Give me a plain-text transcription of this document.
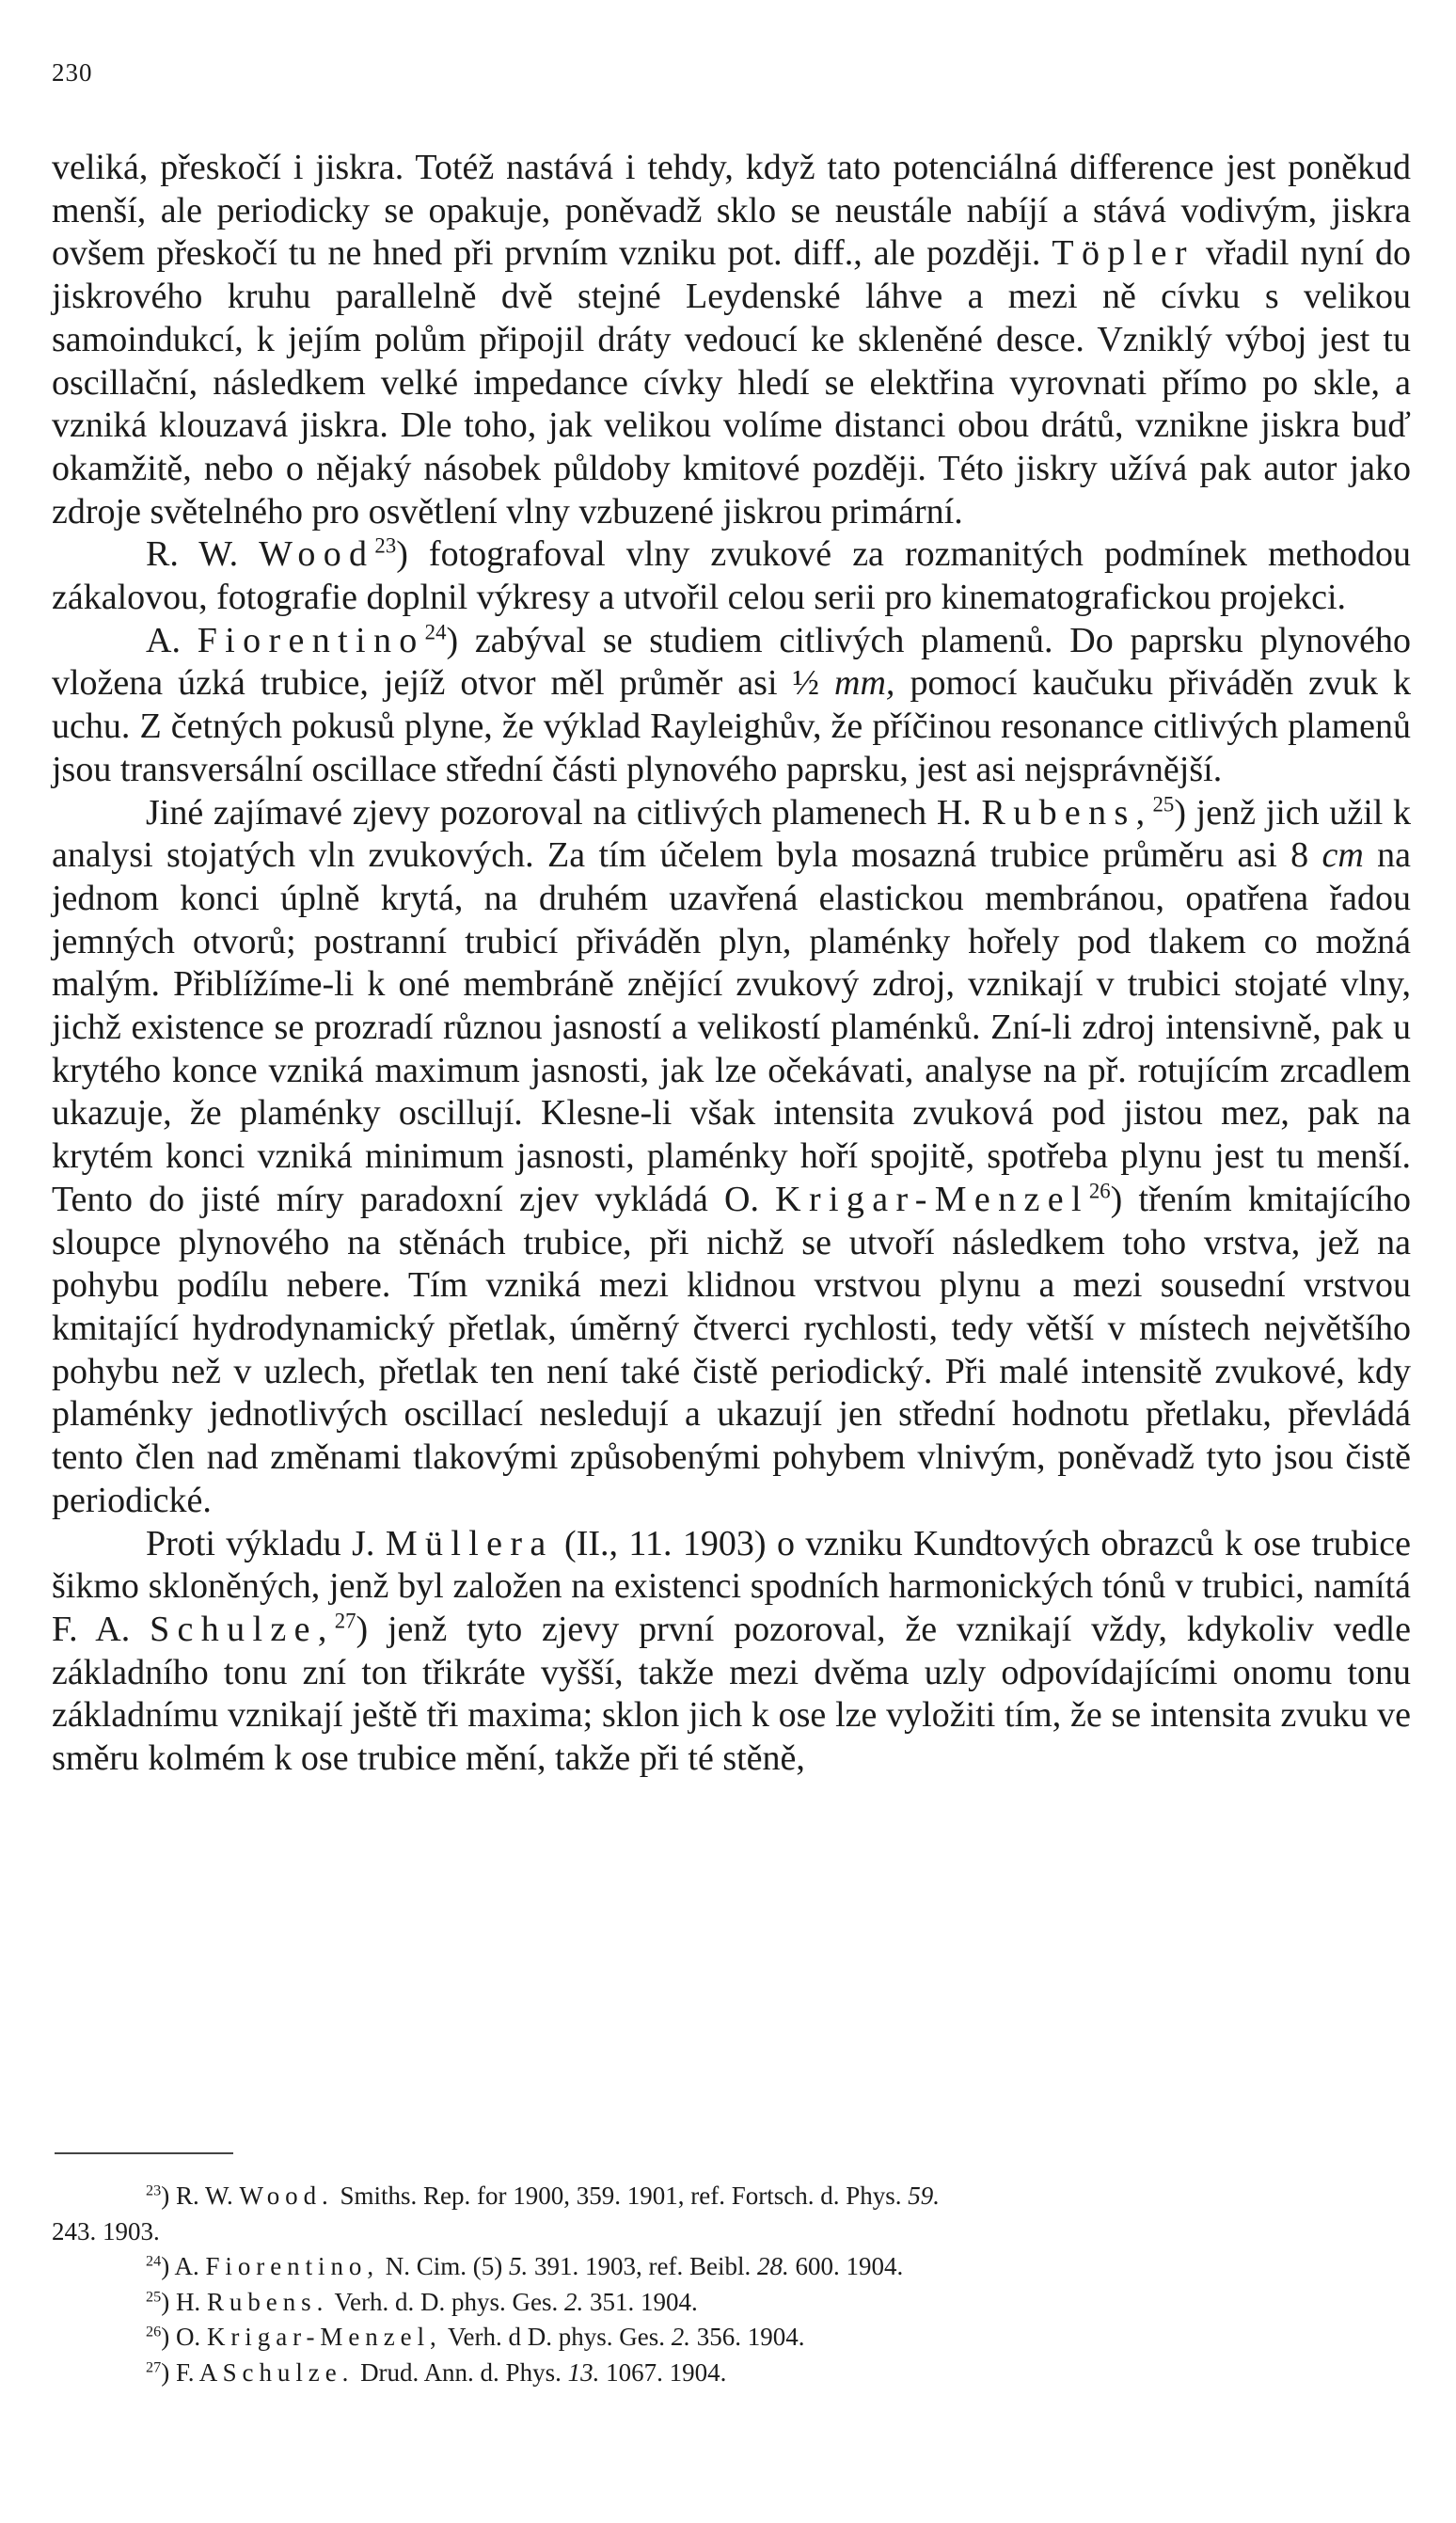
230

veliká, přeskočí i jiskra. Totéž nastává i tehdy, když tato potenciálná difference jest poněkud menší, ale periodicky se opakuje, poněvadž sklo se neustále nabíjí a stává vodivým, jiskra ovšem přeskočí tu ne hned při prvním vzniku pot. diff., ale později. Töpler vřadil nyní do jiskrového kruhu parallelně dvě stejné Leydenské láhve a mezi ně cívku s velikou samoindukcí, k jejím polům připojil dráty vedoucí ke skleněné desce. Vzniklý výboj jest tu oscillační, následkem velké impedance cívky hledí se elektřina vyrovnati přímo po skle, a vzniká klouzavá jiskra. Dle toho, jak velikou volíme distanci obou drátů, vznikne jiskra buď okamžitě, nebo o nějaký násobek půldoby kmitové později. Této jiskry užívá pak autor jako zdroje světelného pro osvětlení vlny vzbuzené jiskrou primární.

R. W. Wood$^{23}$) fotografoval vlny zvukové za rozmanitých podmínek methodou zákalovou, fotografie doplnil výkresy a utvořil celou serii pro kinematografickou projekci.

A. Fiorentino$^{24}$) zabýval se studiem citlivých plamenů. Do paprsku plynového vložena úzká trubice, jejíž otvor měl průměr asi ½ mm, pomocí kaučuku přiváděn zvuk k uchu. Z četných pokusů plyne, že výklad Rayleighův, že příčinou resonance citlivých plamenů jsou transversální oscillace střední části plynového paprsku, jest asi nejsprávnější.

Jiné zajímavé zjevy pozoroval na citlivých plamenech H. Rubens,$^{25}$) jenž jich užil k analysi stojatých vln zvukových. Za tím účelem byla mosazná trubice průměru asi 8 cm na jednom konci úplně krytá, na druhém uzavřená elastickou membránou, opatřena řadou jemných otvorů; postranní trubicí přiváděn plyn, plaménky hořely pod tlakem co možná malým. Přiblížíme-li k oné membráně znějící zvukový zdroj, vznikají v trubici stojaté vlny, jichž existence se prozradí různou jasností a velikostí plaménků. Zní-li zdroj intensivně, pak u krytého konce vzniká maximum jasnosti, jak lze očekávati, analyse na př. rotujícím zrcadlem ukazuje, že plaménky oscillují. Klesne-li však intensita zvuková pod jistou mez, pak na krytém konci vzniká minimum jasnosti, plaménky hoří spojitě, spotřeba plynu jest tu menší. Tento do jisté míry paradoxní zjev vykládá O. Krigar-Menzel$^{26}$) třením kmitajícího sloupce plynového na stěnách trubice, při nichž se utvoří následkem toho vrstva, jež na pohybu podílu nebere. Tím vzniká mezi klidnou vrstvou plynu a mezi sousední vrstvou kmitající hydrodynamický přetlak, úměrný čtverci rychlosti, tedy větší v místech největšího pohybu než v uzlech, přetlak ten není také čistě periodický. Při malé intensitě zvukové, kdy plaménky jednotlivých oscillací nesledují a ukazují jen střední hodnotu přetlaku, převládá tento člen nad změnami tlakovými způsobenými pohybem vlnivým, poněvadž tyto jsou čistě periodické.

Proti výkladu J. Müllera (II., 11. 1903) o vzniku Kundtových obrazců k ose trubice šikmo skloněných, jenž byl založen na existenci spodních harmonických tónů v trubici, namítá F. A. Schulze,$^{27}$) jenž tyto zjevy první pozoroval, že vznikají vždy, kdykoliv vedle základního tonu zní ton třikráte vyšší, takže mezi dvěma uzly odpovídajícími onomu tonu základnímu vznikají ještě tři maxima; sklon jich k ose lze vyložiti tím, že se intensita zvuku ve směru kolmém k ose trubice mění, takže při té stěně,

$^{23}$) R. W. Wood. Smiths. Rep. for 1900, 359. 1901, ref. Fortsch. d. Phys. 59.

243. 1903.

$^{24}$) A. Fiorentino, N. Cim. (5) 5. 391. 1903, ref. Beibl. 28. 600. 1904.

$^{25}$) H. Rubens. Verh. d. D. phys. Ges. 2. 351. 1904.

$^{26}$) O. Krigar-Menzel, Verh. d D. phys. Ges. 2. 356. 1904.

$^{27}$) F. A Schulze. Drud. Ann. d. Phys. 13. 1067. 1904.
